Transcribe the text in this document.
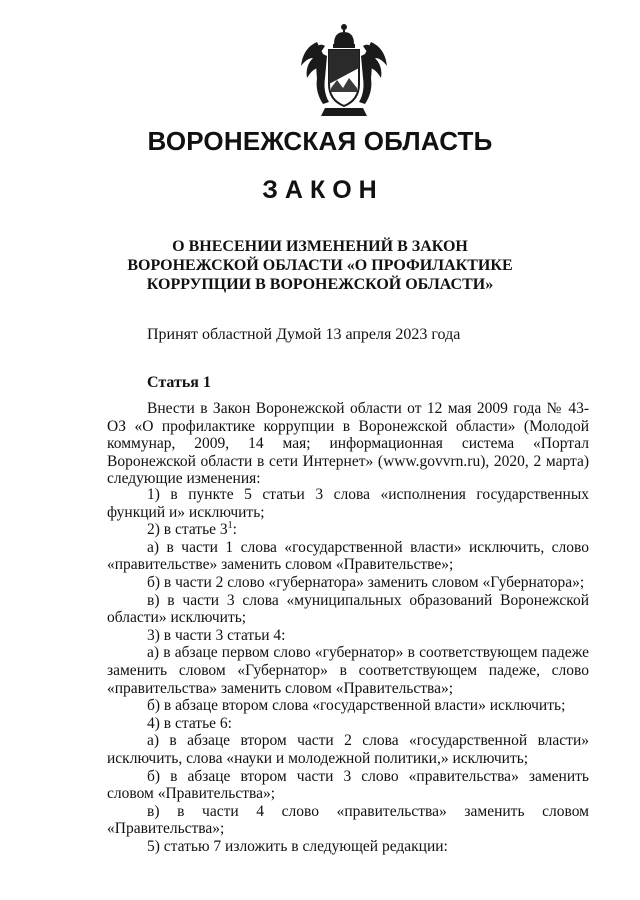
ВОРОНЕЖСКАЯ ОБЛАСТЬ
ЗАКОН
О ВНЕСЕНИИ ИЗМЕНЕНИЙ В ЗАКОН
ВОРОНЕЖСКОЙ ОБЛАСТИ «О ПРОФИЛАКТИКЕ
КОРРУПЦИИ В ВОРОНЕЖСКОЙ ОБЛАСТИ»
Принят областной Думой 13 апреля 2023 года
Статья 1
Внести в Закон Воронежской области от 12 мая 2009 года № 43-ОЗ «О профилактике коррупции в Воронежской области» (Молодой коммунар, 2009, 14 мая; информационная система «Портал Воронежской области в сети Интернет» (www.govvrn.ru), 2020, 2 марта) следующие изменения:
1) в пункте 5 статьи 3 слова «исполнения государственных функций и» исключить;
2) в статье $3^1$:
а) в части 1 слова «государственной власти» исключить, слово «правительстве» заменить словом «Правительстве»;
б) в части 2 слово «губернатора» заменить словом «Губернатора»;
в) в части 3 слова «муниципальных образований Воронежской области» исключить;
3) в части 3 статьи 4:
а) в абзаце первом слово «губернатор» в соответствующем падеже заменить словом «Губернатор» в соответствующем падеже, слово «правительства» заменить словом «Правительства»;
б) в абзаце втором слова «государственной власти» исключить;
4) в статье 6:
а) в абзаце втором части 2 слова «государственной власти» исключить, слова «науки и молодежной политики,» исключить;
б) в абзаце втором части 3 слово «правительства» заменить словом «Правительства»;
в) в части 4 слово «правительства» заменить словом «Правительства»;
5) статью 7 изложить в следующей редакции:
